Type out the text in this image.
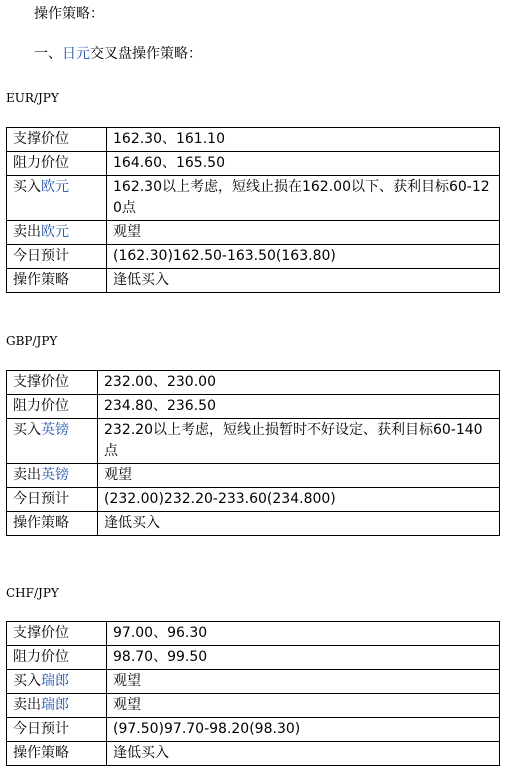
操作策略：
一、日元交叉盘操作策略：
EUR/JPY
支撑价位	162.30、161.10
阻力价位	164.60、165.50
买入欧元	162.30以上考虑，短线止损在162.00以下、获利目标60-120点
卖出欧元	观望
今日预计	(162.30)162.50-163.50(163.80)
操作策略	逢低买入
GBP/JPY
支撑价位	232.00、230.00
阻力价位	234.80、236.50
买入英镑	232.20以上考虑，短线止损暂时不好设定、获利目标60-140点
卖出英镑	观望
今日预计	(232.00)232.20-233.60(234.800)
操作策略	逢低买入
CHF/JPY
支撑价位	97.00、96.30
阻力价位	98.70、99.50
买入瑞郎	观望
卖出瑞郎	观望
今日预计	(97.50)97.70-98.20(98.30)
操作策略	逢低买入
